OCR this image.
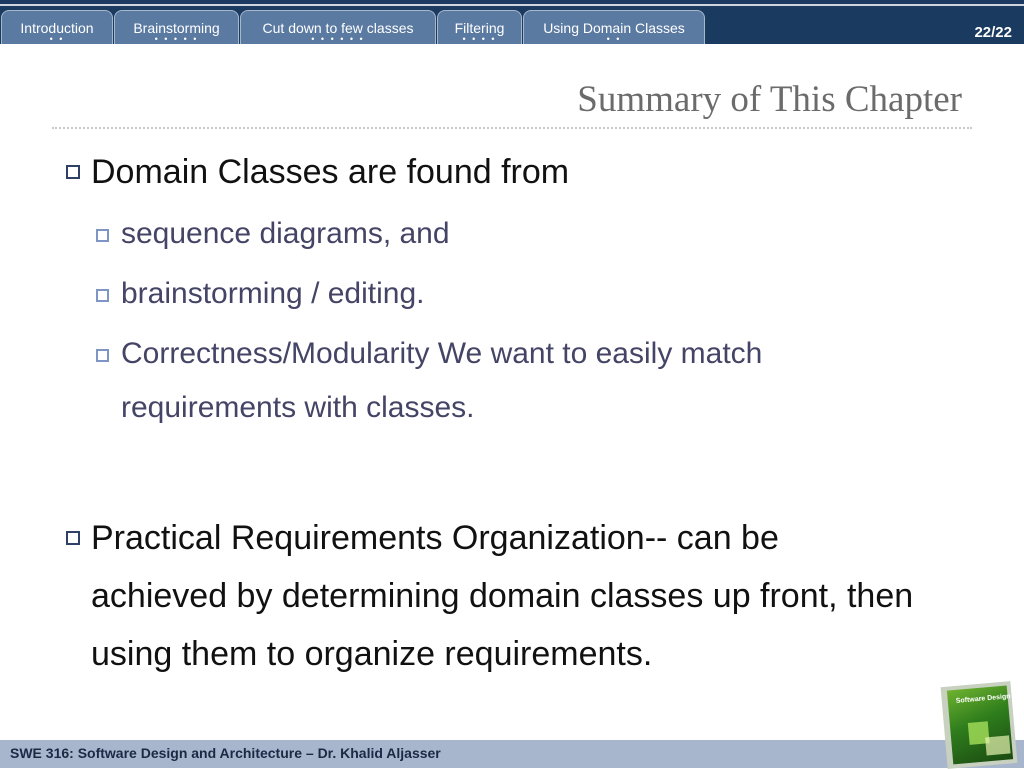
Introduction
• •
Brainstorming
• • • • •
Cut down to few classes
• • • • • •
Filtering
• • • •
Using Domain Classes
• •	22/22
Summary of This Chapter
Domain Classes are found from
sequence diagrams, and
brainstorming / editing.
Correctness/Modularity We want to easily match
requirements with classes.
Practical Requirements Organization-- can be
achieved by determining domain classes up front, then
using them to organize requirements.
SWE 316: Software Design and Architecture – Dr. Khalid Aljasser
Software Design
